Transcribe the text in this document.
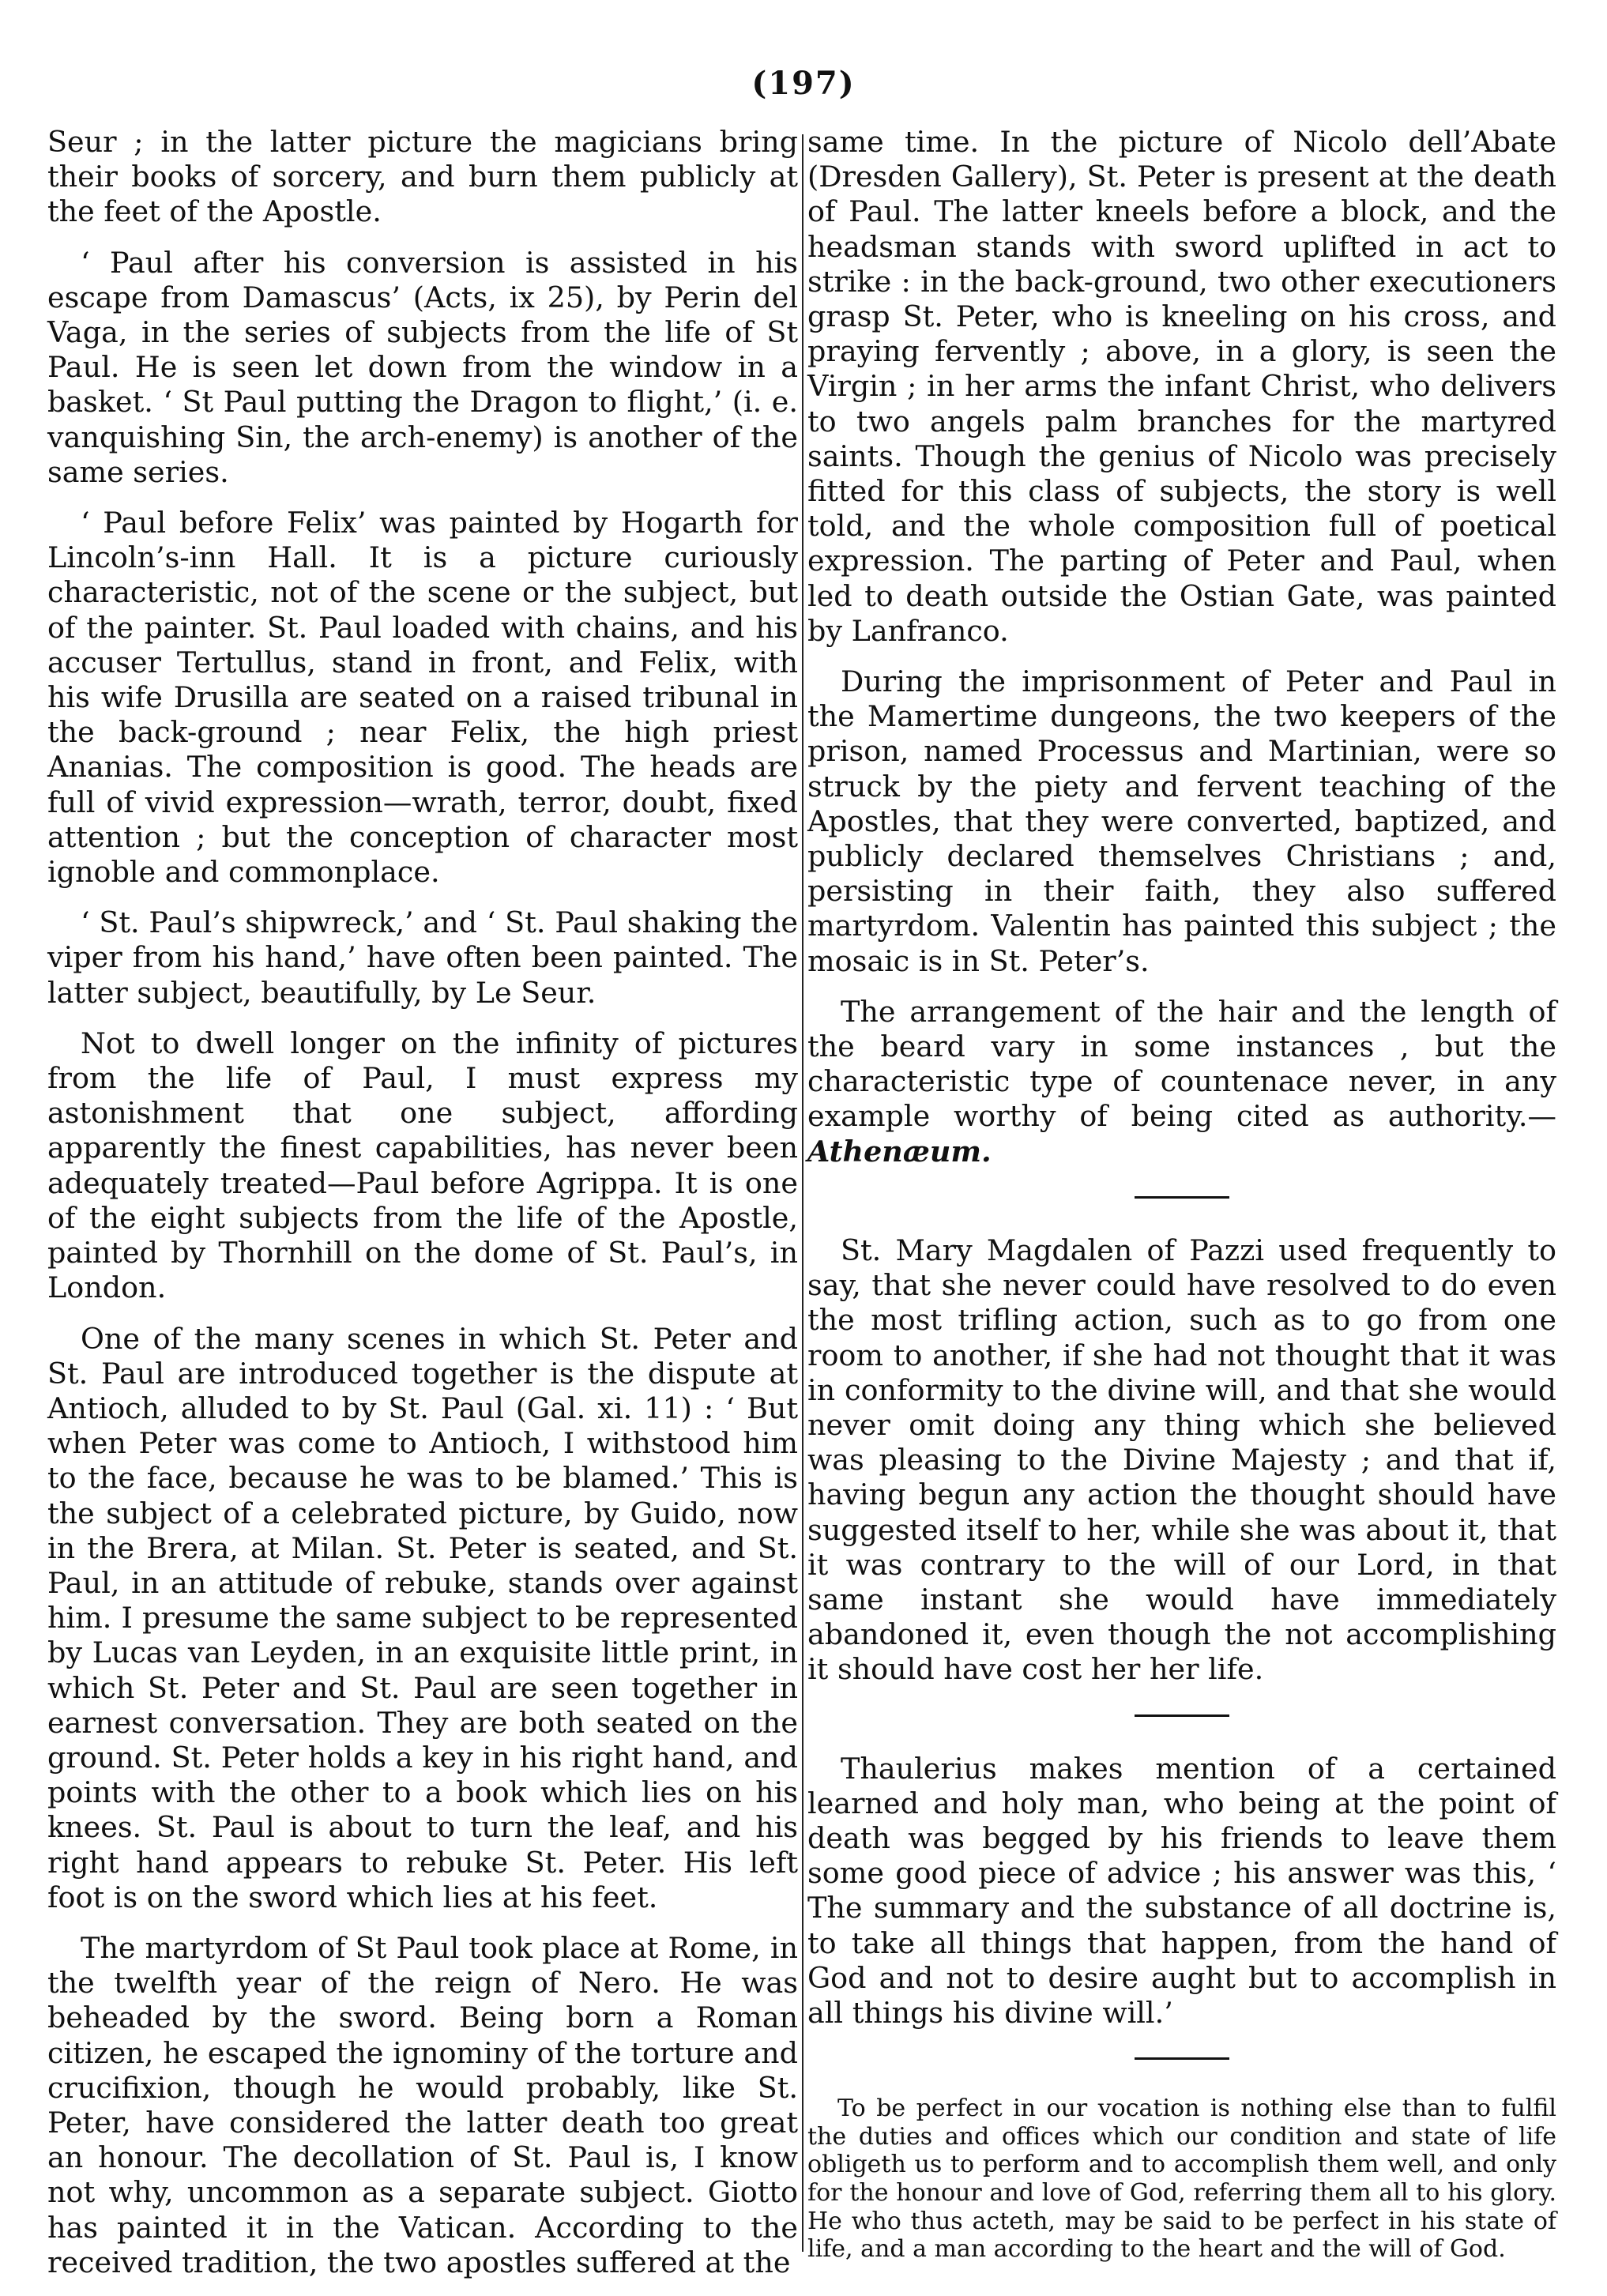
(197)

Seur ; in the latter picture the magicians bring their books of sorcery, and burn them publicly at the feet of the Apostle.

‘ Paul after his conversion is assisted in his escape from Damascus’ (Acts, ix 25), by Perin del Vaga, in the series of subjects from the life of St Paul. He is seen let down from the window in a basket. ‘ St Paul putting the Dragon to flight,’ (i. e. vanquishing Sin, the arch-enemy) is another of the same series.

‘ Paul before Felix’ was painted by Hogarth for Lincoln’s-inn Hall. It is a picture curiously characteristic, not of the scene or the subject, but of the painter. St. Paul loaded with chains, and his accuser Tertullus, stand in front, and Felix, with his wife Drusilla are seated on a raised tribunal in the back-ground ; near Felix, the high priest Ananias. The composition is good. The heads are full of vivid expression—wrath, terror, doubt, fixed attention ; but the conception of character most ignoble and commonplace.

‘ St. Paul’s shipwreck,’ and ‘ St. Paul shaking the viper from his hand,’ have often been painted. The latter subject, beautifully, by Le Seur.

Not to dwell longer on the infinity of pictures from the life of Paul, I must express my astonishment that one subject, affording apparently the finest capabilities, has never been adequately treated—Paul before Agrippa. It is one of the eight subjects from the life of the Apostle, painted by Thornhill on the dome of St. Paul’s, in London.

One of the many scenes in which St. Peter and St. Paul are introduced together is the dispute at Antioch, alluded to by St. Paul (Gal. xi. 11) : ‘ But when Peter was come to Antioch, I withstood him to the face, because he was to be blamed.’ This is the subject of a celebrated picture, by Guido, now in the Brera, at Milan. St. Peter is seated, and St. Paul, in an attitude of rebuke, stands over against him. I presume the same subject to be represented by Lucas van Leyden, in an exquisite little print, in which St. Peter and St. Paul are seen together in earnest conversation. They are both seated on the ground. St. Peter holds a key in his right hand, and points with the other to a book which lies on his knees. St. Paul is about to turn the leaf, and his right hand appears to rebuke St. Peter. His left foot is on the sword which lies at his feet.

The martyrdom of St Paul took place at Rome, in the twelfth year of the reign of Nero. He was beheaded by the sword. Being born a Roman citizen, he escaped the ignominy of the torture and crucifixion, though he would probably, like St. Peter, have considered the latter death too great an honour. The decollation of St. Paul is, I know not why, uncommon as a separate subject. Giotto has painted it in the Vatican. According to the received tradition, the two apostles suffered at the

same time. In the picture of Nicolo dell’Abate (Dresden Gallery), St. Peter is present at the death of Paul. The latter kneels before a block, and the headsman stands with sword uplifted in act to strike : in the back-ground, two other executioners grasp St. Peter, who is kneeling on his cross, and praying fervently ; above, in a glory, is seen the Virgin ; in her arms the infant Christ, who delivers to two angels palm branches for the martyred saints. Though the genius of Nicolo was precisely fitted for this class of subjects, the story is well told, and the whole composition full of poetical expression. The parting of Peter and Paul, when led to death outside the Ostian Gate, was painted by Lanfranco.

During the imprisonment of Peter and Paul in the Mamertime dungeons, the two keepers of the prison, named Processus and Martinian, were so struck by the piety and fervent teaching of the Apostles, that they were converted, baptized, and publicly declared themselves Christians ; and, persisting in their faith, they also suffered martyrdom. Valentin has painted this subject ; the mosaic is in St. Peter’s.

The arrangement of the hair and the length of the beard vary in some instances , but the characteristic type of countenace never, in any example worthy of being cited as authority.—Athenæum.

St. Mary Magdalen of Pazzi used frequently to say, that she never could have resolved to do even the most trifling action, such as to go from one room to another, if she had not thought that it was in conformity to the divine will, and that she would never omit doing any thing which she believed was pleasing to the Divine Majesty ; and that if, having begun any action the thought should have suggested itself to her, while she was about it, that it was contrary to the will of our Lord, in that same instant she would have immediately abandoned it, even though the not accomplishing it should have cost her her life.

Thaulerius makes mention of a certained learned and holy man, who being at the point of death was begged by his friends to leave them some good piece of advice ; his answer was this, ‘ The summary and the substance of all doctrine is, to take all things that happen, from the hand of God and not to desire aught but to accomplish in all things his divine will.’

To be perfect in our vocation is nothing else than to fulfil the duties and offices which our condition and state of life obligeth us to perform and to accomplish them well, and only for the honour and love of God, referring them all to his glory. He who thus acteth, may be said to be perfect in his state of life, and a man according to the heart and the will of God.
